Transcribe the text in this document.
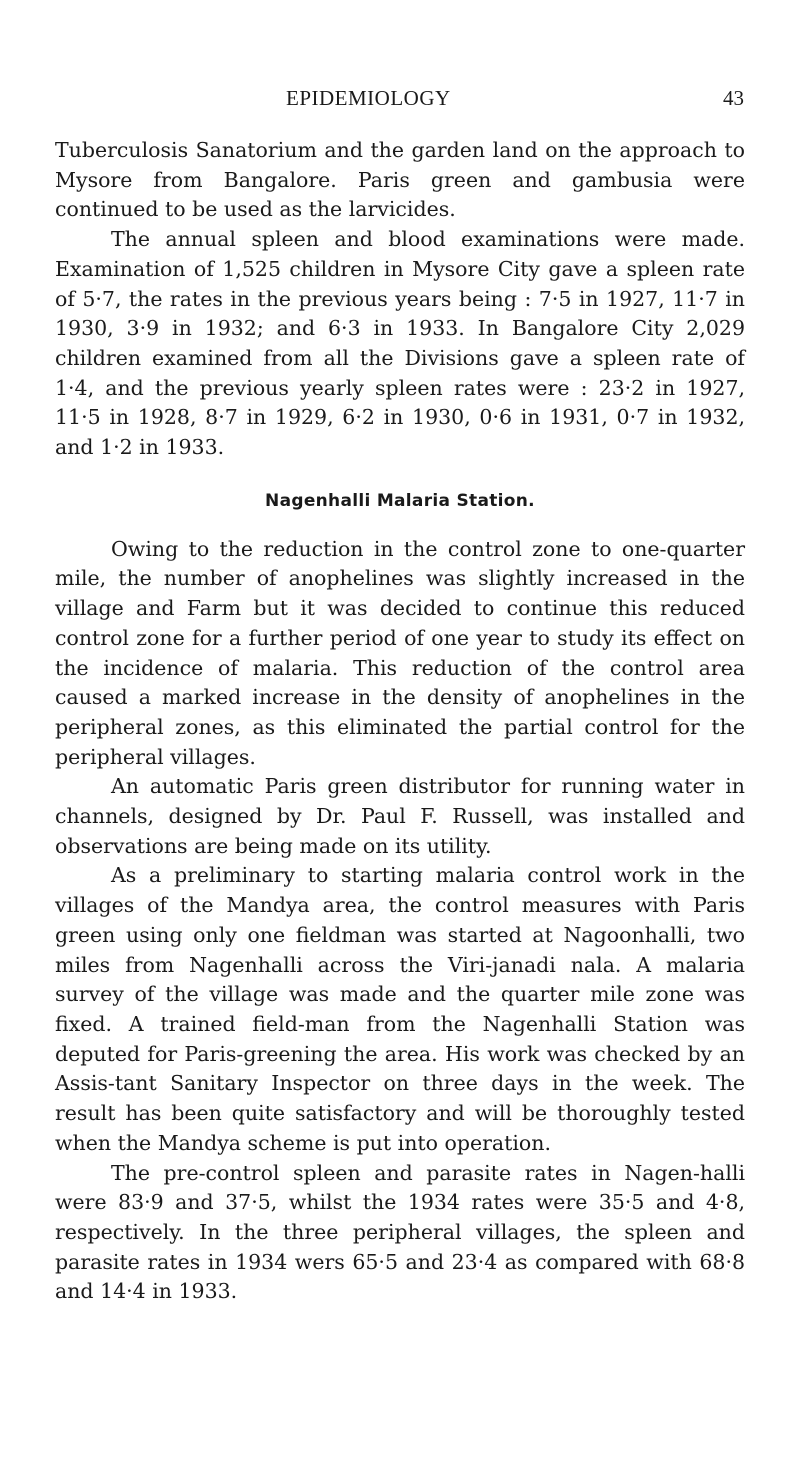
EPIDEMIOLOGY	43

Tuberculosis Sanatorium and the garden land on the approach to Mysore from Bangalore. Paris green and gambusia were continued to be used as the larvicides.

The annual spleen and blood examinations were made. Examination of 1,525 children in Mysore City gave a spleen rate of 5·7, the rates in the previous years being : 7·5 in 1927, 11·7 in 1930, 3·9 in 1932; and 6·3 in 1933. In Bangalore City 2,029 children examined from all the Divisions gave a spleen rate of 1·4, and the previous yearly spleen rates were : 23·2 in 1927, 11·5 in 1928, 8·7 in 1929, 6·2 in 1930, 0·6 in 1931, 0·7 in 1932, and 1·2 in 1933.

Nagenhalli Malaria Station.

Owing to the reduction in the control zone to one-quarter mile, the number of anophelines was slightly increased in the village and Farm but it was decided to continue this reduced control zone for a further period of one year to study its effect on the incidence of malaria. This reduction of the control area caused a marked increase in the density of anophelines in the peripheral zones, as this eliminated the partial control for the peripheral villages.

An automatic Paris green distributor for running water in channels, designed by Dr. Paul F. Russell, was installed and observations are being made on its utility.

As a preliminary to starting malaria control work in the villages of the Mandya area, the control measures with Paris green using only one fieldman was started at Nagoonhalli, two miles from Nagenhalli across the Viri-janadi nala. A malaria survey of the village was made and the quarter mile zone was fixed. A trained field-man from the Nagenhalli Station was deputed for Paris-greening the area. His work was checked by an Assis-tant Sanitary Inspector on three days in the week. The result has been quite satisfactory and will be thoroughly tested when the Mandya scheme is put into operation.

The pre-control spleen and parasite rates in Nagen-halli were 83·9 and 37·5, whilst the 1934 rates were 35·5 and 4·8, respectively. In the three peripheral villages, the spleen and parasite rates in 1934 wers 65·5 and 23·4 as compared with 68·8 and 14·4 in 1933.
